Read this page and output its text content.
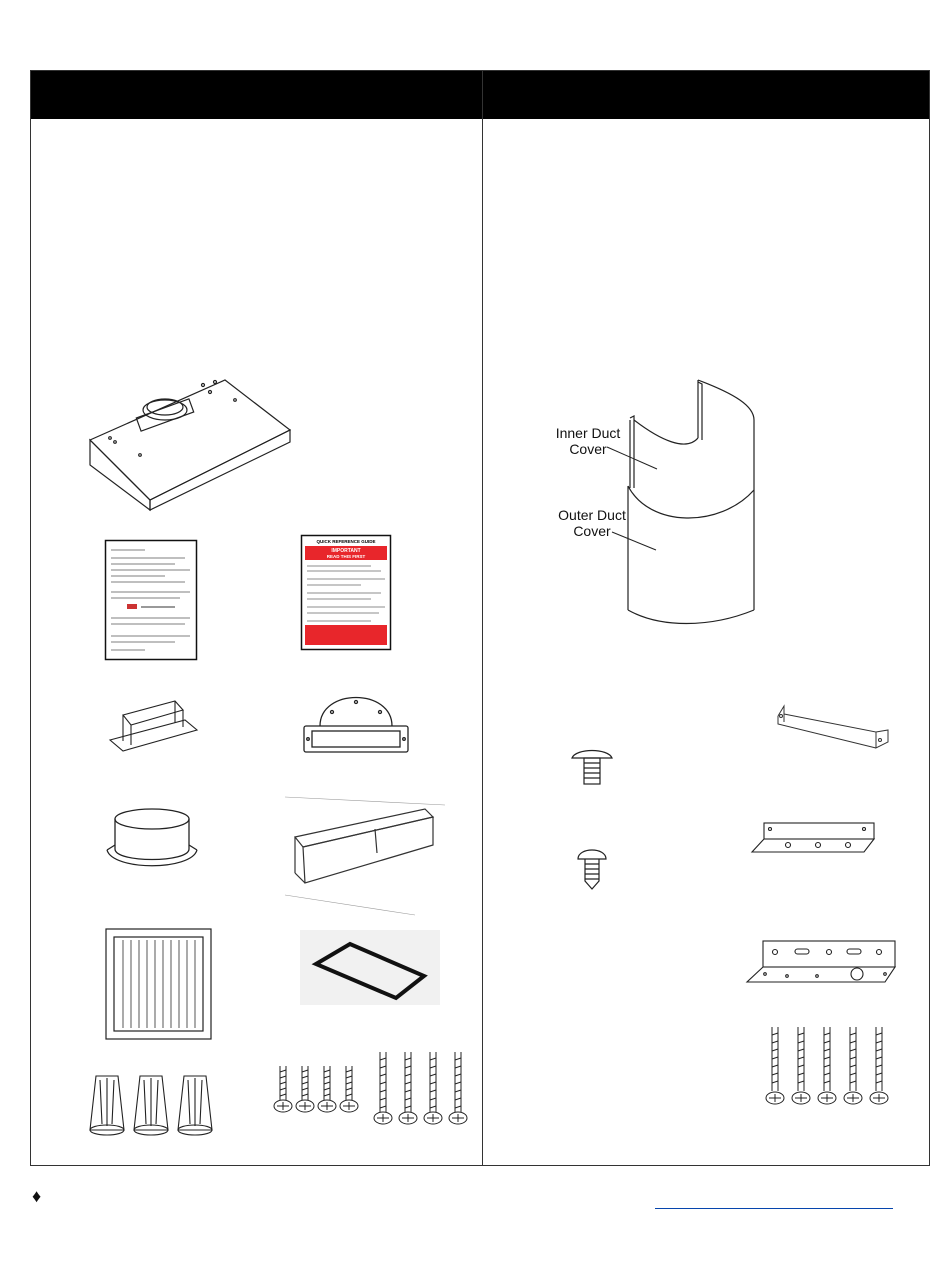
QUICK REFERENCE GUIDE
IMPORTANT
READ THIS FIRST
Inner Duct
Cover
Outer Duct
Cover
♦
